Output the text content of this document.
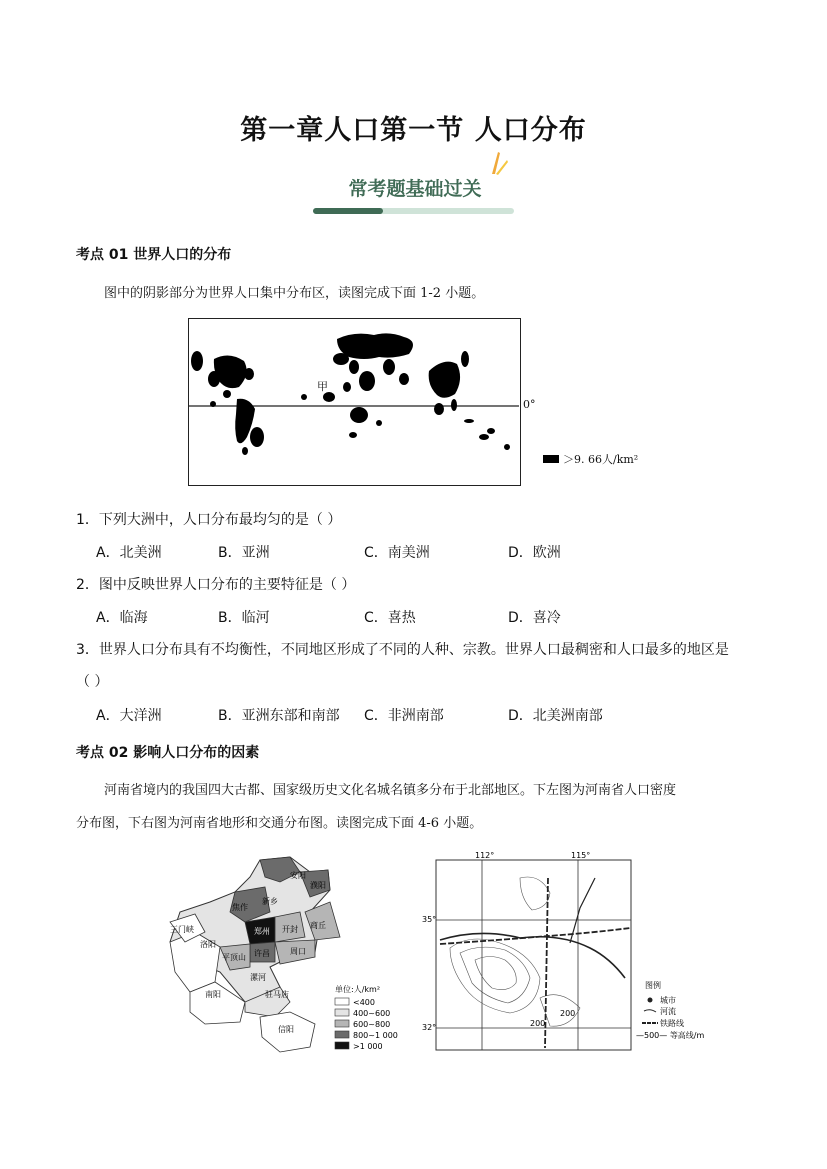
第一章人口第一节 人口分布
常考题基础过关
考点 01 世界人口的分布
图中的阴影部分为世界人口集中分布区，读图完成下面 1-2 小题。
甲
0°
＞9. 66人/km²
1．下列大洲中，人口分布最均匀的是（ ）
A．北美洲	B．亚洲	C．南美洲	D．欧洲
2．图中反映世界人口分布的主要特征是（ ）
A．临海	B．临河	C．喜热	D．喜冷
3．世界人口分布具有不均衡性，不同地区形成了不同的人种、宗教。世界人口最稠密和人口最多的地区是
（ ）
A．大洋洲	B．亚洲东部和南部 C．非洲南部	D．北美洲南部
考点 02 影响人口分布的因素
河南省境内的我国四大古都、国家级历史文化名城名镇多分布于北部地区。下左图为河南省人口密度
分布图，下右图为河南省地形和交通分布图。读图完成下面 4-6 小题。
安阳
濮阳
新乡
焦作
郑州 开封 商丘
许昌
平顶山
周口
洛阳
三门峡
南阳
漯河
驻马店
信阳
单位:人/km²
<400
400~600
600~800
800~1 000
>1 000
112°	115°
35°
32°	200
200
图例
城市
河流
铁路线
—500— 等高线/m
